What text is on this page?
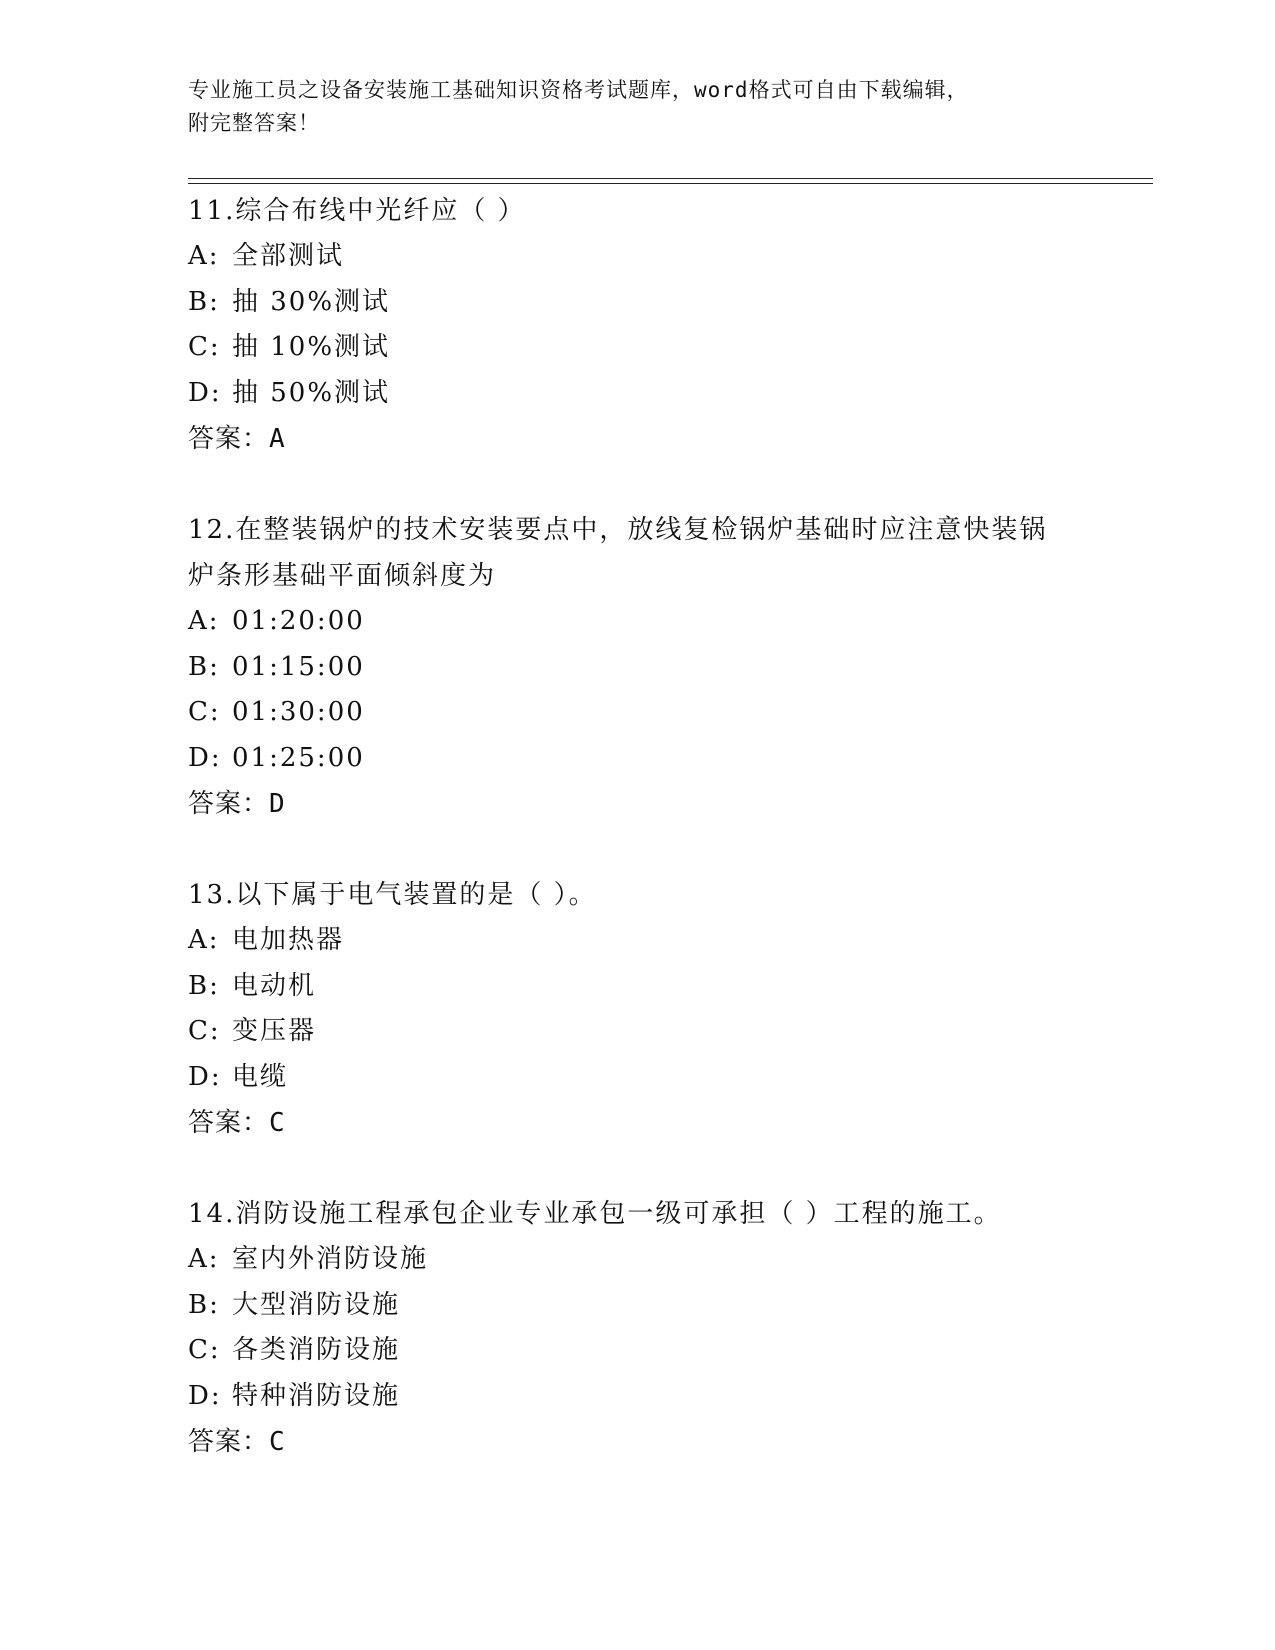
专业施工员之设备安装施工基础知识资格考试题库，word格式可自由下载编辑，
附完整答案！

11.综合布线中光纤应（ ）

A: 全部测试
B: 抽 30%测试
C: 抽 10%测试
D: 抽 50%测试

答案：A

12.在整装锅炉的技术安装要点中，放线复检锅炉基础时应注意快装锅炉条形基础平面倾斜度为

A: 01:20:00
B: 01:15:00
C: 01:30:00
D: 01:25:00

答案：D

13.以下属于电气装置的是（ ）。

A: 电加热器
B: 电动机
C: 变压器
D: 电缆

答案：C

14.消防设施工程承包企业专业承包一级可承担（ ）工程的施工。

A: 室内外消防设施
B: 大型消防设施
C: 各类消防设施
D: 特种消防设施

答案：C
